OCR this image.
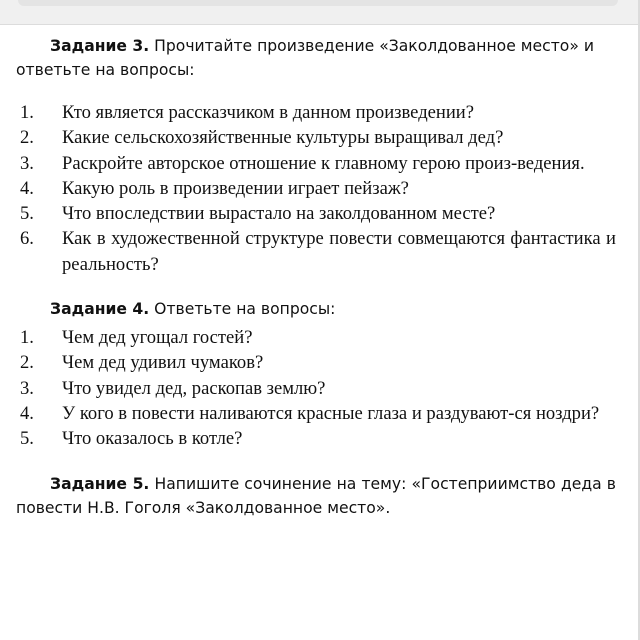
Задание 3. Прочитайте произведение «Заколдованное место» и ответьте на вопросы:

1. Кто является рассказчиком в данном произведении?
2. Какие сельскохозяйственные культуры выращивал дед?
3. Раскройте авторское отношение к главному герою произ-ведения.
4. Какую роль в произведении играет пейзаж?
5. Что впоследствии вырастало на заколдованном месте?
6. Как в художественной структуре повести совмещаются фантастика и реальность?

Задание 4. Ответьте на вопросы:

1. Чем дед угощал гостей?
2. Чем дед удивил чумаков?
3. Что увидел дед, раскопав землю?
4. У кого в повести наливаются красные глаза и раздувают-ся ноздри?
5. Что оказалось в котле?

Задание 5. Напишите сочинение на тему: «Гостеприимство деда в повести Н.В. Гоголя «Заколдованное место».
